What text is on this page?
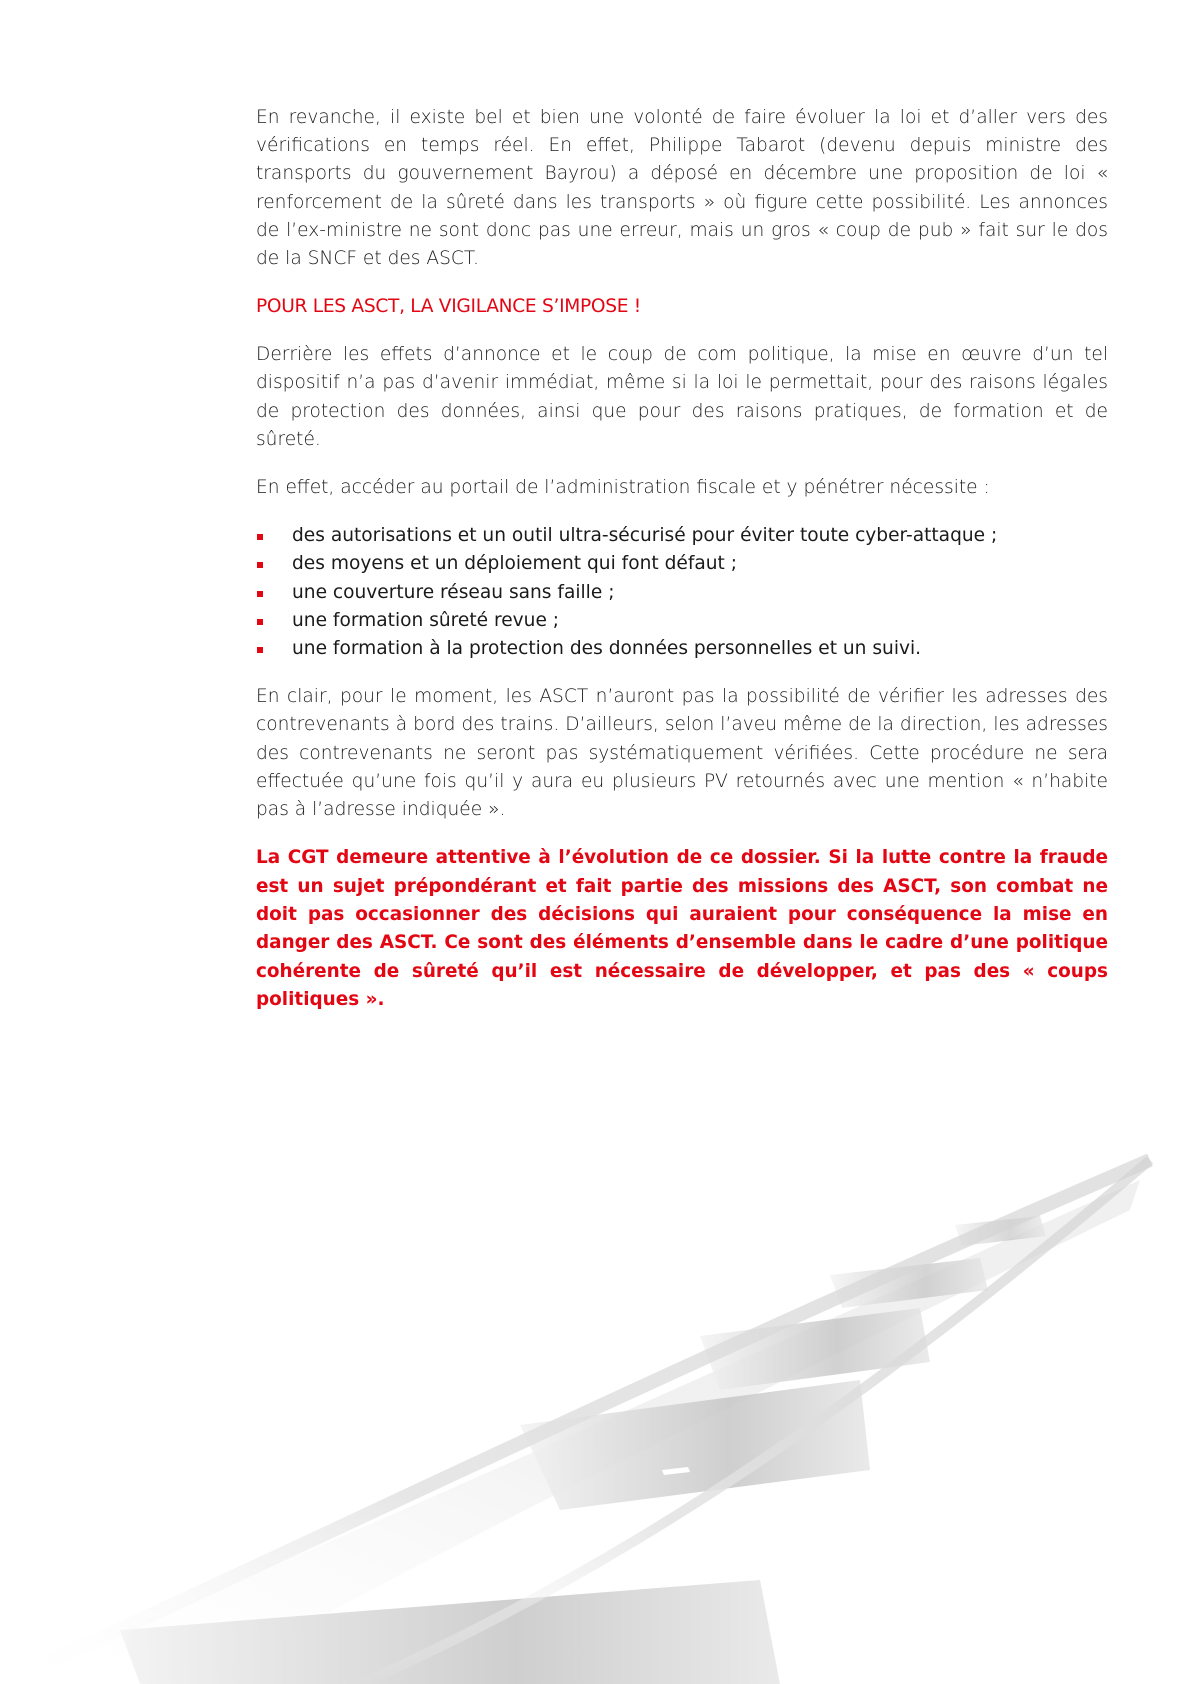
En revanche, il existe bel et bien une volonté de faire évoluer la loi et d’aller vers des vérifications en temps réel. En effet, Philippe Tabarot (devenu depuis ministre des transports du gouvernement Bayrou) a déposé en décembre une proposition de loi « renforcement de la sûreté dans les transports » où figure cette possibilité. Les annonces de l’ex-ministre ne sont donc pas une erreur, mais un gros « coup de pub » fait sur le dos de la SNCF et des ASCT.

POUR LES ASCT, LA VIGILANCE S’IMPOSE !

Derrière les effets d’annonce et le coup de com politique, la mise en œuvre d’un tel dispositif n’a pas d’avenir immédiat, même si la loi le permettait, pour des raisons légales de protection des données, ainsi que pour des raisons pratiques, de formation et de sûreté.

En effet, accéder au portail de l’administration fiscale et y pénétrer nécessite :

des autorisations et un outil ultra-sécurisé pour éviter toute cyber-attaque ;
des moyens et un déploiement qui font défaut ;
une couverture réseau sans faille ;
une formation sûreté revue ;
une formation à la protection des données personnelles et un suivi.

En clair, pour le moment, les ASCT n’auront pas la possibilité de vérifier les adresses des contrevenants à bord des trains. D’ailleurs, selon l’aveu même de la direction, les adresses des contrevenants ne seront pas systématiquement vérifiées. Cette procédure ne sera effectuée qu’une fois qu’il y aura eu plusieurs PV retournés avec une mention « n’habite pas à l’adresse indiquée ».

La CGT demeure attentive à l’évolution de ce dossier. Si la lutte contre la fraude est un sujet prépondérant et fait partie des missions des ASCT, son combat ne doit pas occasionner des décisions qui auraient pour conséquence la mise en danger des ASCT. Ce sont des éléments d’ensemble dans le cadre d’une politique cohérente de sûreté qu’il est nécessaire de développer, et pas des « coups politiques ».
